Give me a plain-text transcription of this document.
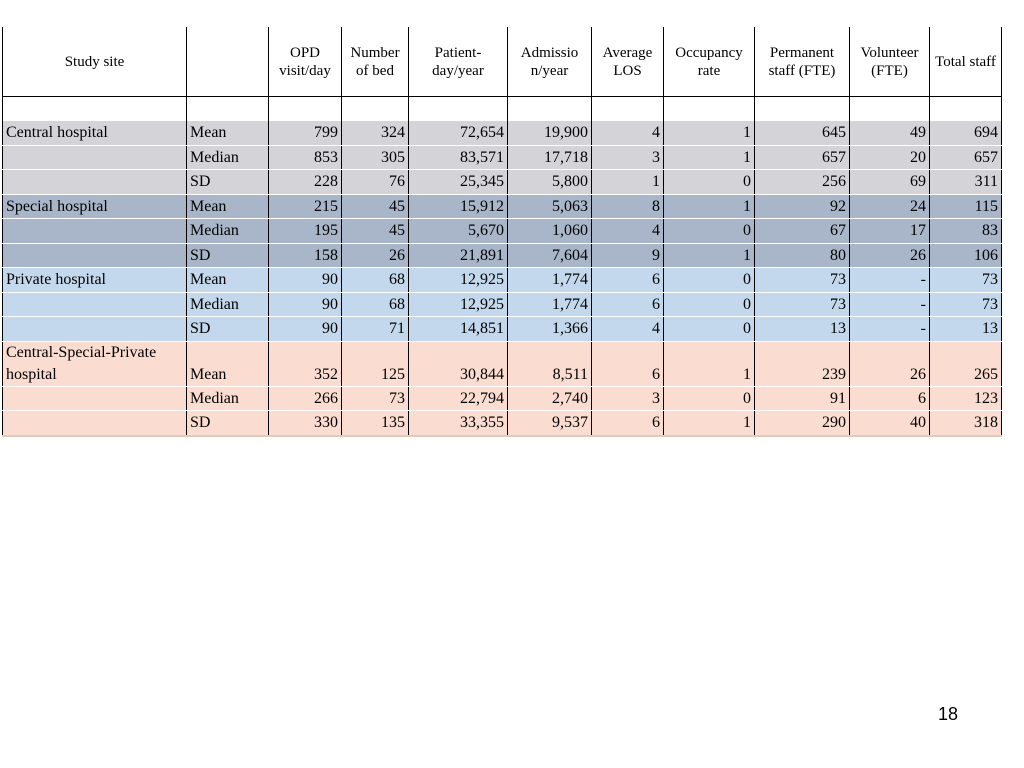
Study site		OPD visit/day	Number of bed	Patient-day/year	Admissio n/year	Average LOS	Occupancy rate	Permanent staff (FTE)	Volunteer (FTE)	Total staff

Central hospital	Mean	799	324	72,654	19,900	4	1	645	49	694
	Median	853	305	83,571	17,718	3	1	657	20	657
	SD	228	76	25,345	5,800	1	0	256	69	311
Special hospital	Mean	215	45	15,912	5,063	8	1	92	24	115
	Median	195	45	5,670	1,060	4	0	67	17	83
	SD	158	26	21,891	7,604	9	1	80	26	106
Private hospital	Mean	90	68	12,925	1,774	6	0	73	-	73
	Median	90	68	12,925	1,774	6	0	73	-	73
	SD	90	71	14,851	1,366	4	0	13	-	13
Central-Special-Private hospital	Mean	352	125	30,844	8,511	6	1	239	26	265
	Median	266	73	22,794	2,740	3	0	91	6	123
	SD	330	135	33,355	9,537	6	1	290	40	318
18
